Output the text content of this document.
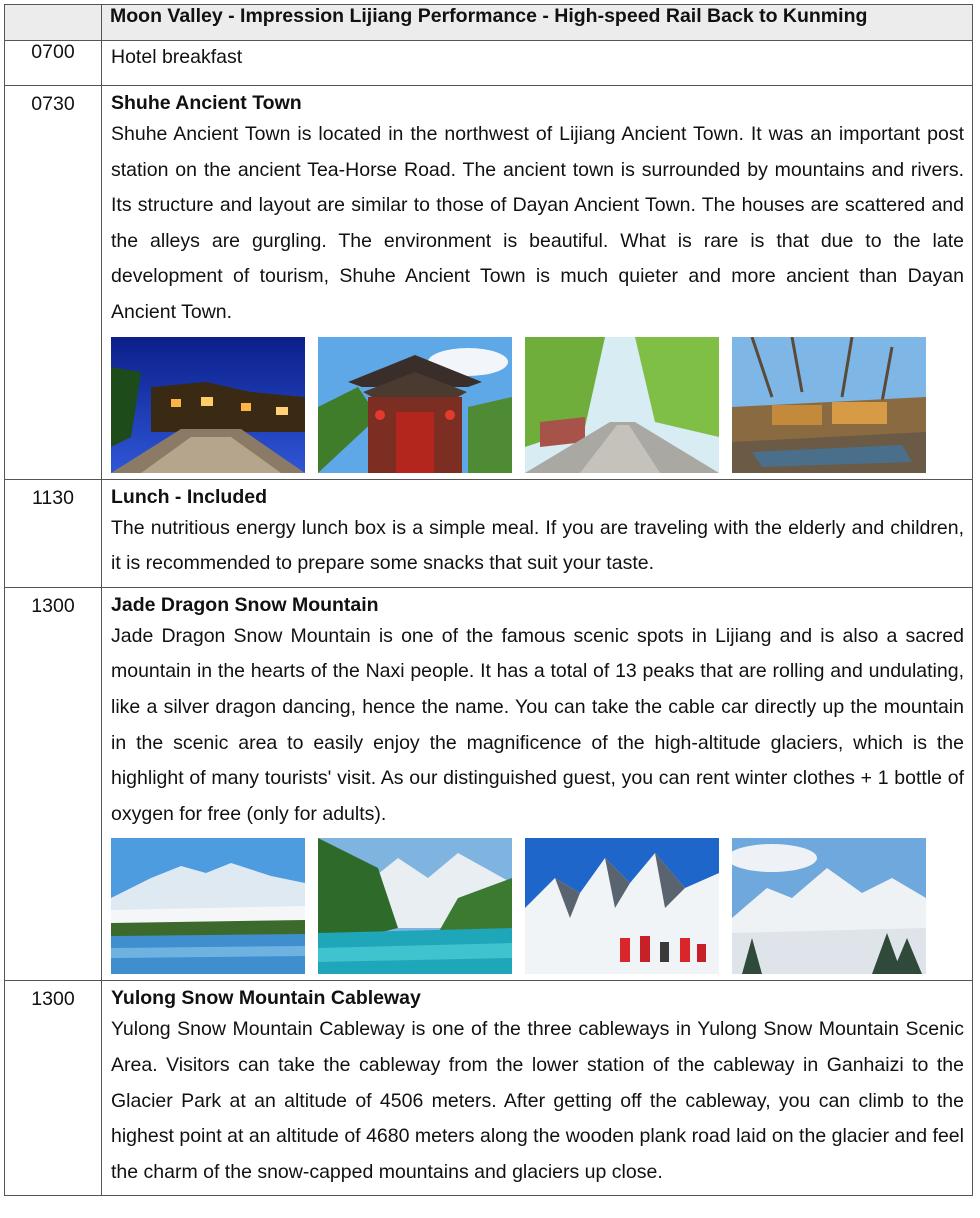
	Moon Valley - Impression Lijiang Performance - High-speed Rail Back to Kunming
0700	Hotel breakfast
0730	Shuhe Ancient Town
Shuhe Ancient Town is located in the northwest of Lijiang Ancient Town. It was an important post station on the ancient Tea-Horse Road. The ancient town is surrounded by mountains and rivers. Its structure and layout are similar to those of Dayan Ancient Town. The houses are scattered and the alleys are gurgling. The environment is beautiful. What is rare is that due to the late development of tourism, Shuhe Ancient Town is much quieter and more ancient than Dayan Ancient Town.

1130	Lunch - Included
The nutritious energy lunch box is a simple meal. If you are traveling with the elderly and children, it is recommended to prepare some snacks that suit your taste.

1300	Jade Dragon Snow Mountain
Jade Dragon Snow Mountain is one of the famous scenic spots in Lijiang and is also a sacred mountain in the hearts of the Naxi people. It has a total of 13 peaks that are rolling and undulating, like a silver dragon dancing, hence the name. You can take the cable car directly up the mountain in the scenic area to easily enjoy the magnificence of the high-altitude glaciers, which is the highlight of many tourists' visit. As our distinguished guest, you can rent winter clothes + 1 bottle of oxygen for free (only for adults).

1300	Yulong Snow Mountain Cableway
Yulong Snow Mountain Cableway is one of the three cableways in Yulong Snow Mountain Scenic Area. Visitors can take the cableway from the lower station of the cableway in Ganhaizi to the Glacier Park at an altitude of 4506 meters. After getting off the cableway, you can climb to the highest point at an altitude of 4680 meters along the wooden plank road laid on the glacier and feel the charm of the snow-capped mountains and glaciers up close.
